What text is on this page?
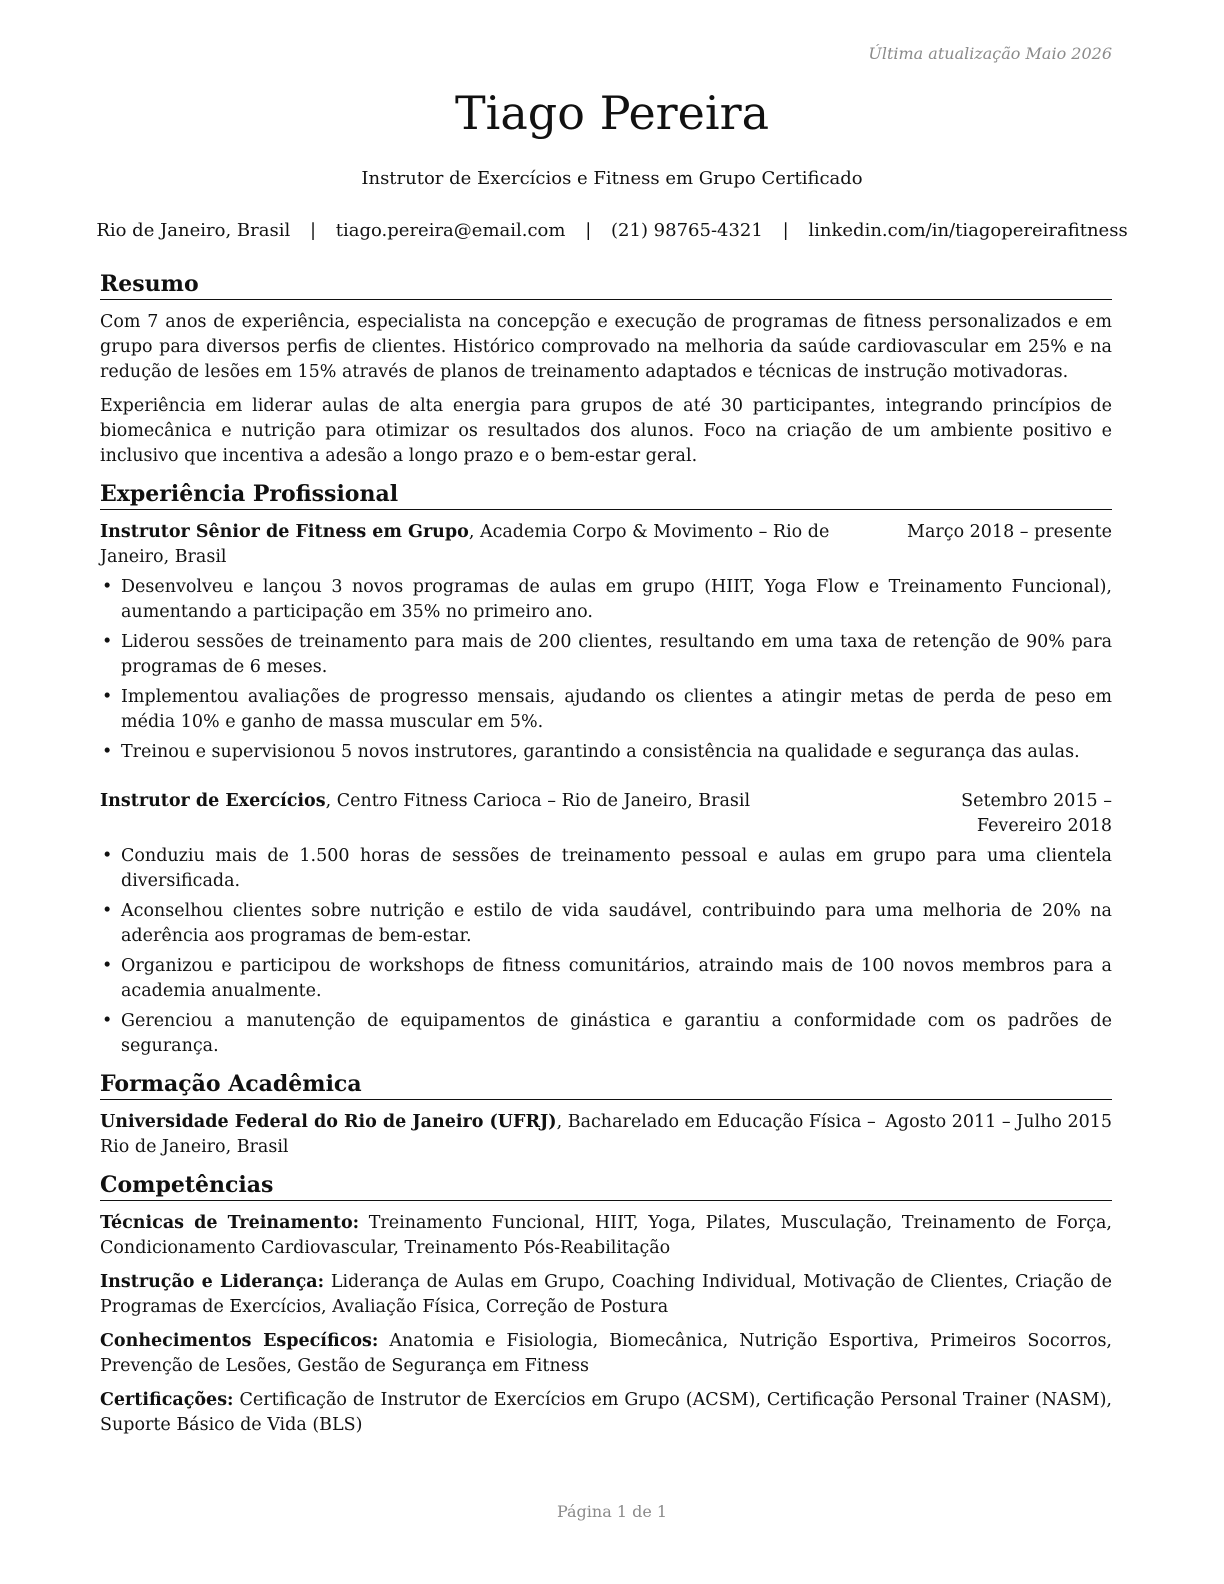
Última atualização Maio 2026
Tiago Pereira
Instrutor de Exercícios e Fitness em Grupo Certificado
Rio de Janeiro, Brasil | tiago.pereira@email.com | (21) 98765-4321 | linkedin.com/in/tiagopereirafitness
Resumo

Com 7 anos de experiência, especialista na concepção e execução de programas de fitness personalizados e em grupo para diversos perfis de clientes. Histórico comprovado na melhoria da saúde cardiovascular em 25% e na redução de lesões em 15% através de planos de treinamento adaptados e técnicas de instrução motivadoras.

Experiência em liderar aulas de alta energia para grupos de até 30 participantes, integrando princípios de biomecânica e nutrição para otimizar os resultados dos alunos. Foco na criação de um ambiente positivo e inclusivo que incentiva a adesão a longo prazo e o bem-estar geral.

Experiência Profissional
Instrutor Sênior de Fitness em Grupo, Academia Corpo & Movimento – Rio de Janeiro, Brasil
Março 2018 – presente
• Desenvolveu e lançou 3 novos programas de aulas em grupo (HIIT, Yoga Flow e Treinamento Funcional), aumentando a participação em 35% no primeiro ano.
• Liderou sessões de treinamento para mais de 200 clientes, resultando em uma taxa de retenção de 90% para programas de 6 meses.
• Implementou avaliações de progresso mensais, ajudando os clientes a atingir metas de perda de peso em média 10% e ganho de massa muscular em 5%.
• Treinou e supervisionou 5 novos instrutores, garantindo a consistência na qualidade e segurança das aulas.
Instrutor de Exercícios, Centro Fitness Carioca – Rio de Janeiro, Brasil	Setembro 2015 – Fevereiro 2018
• Conduziu mais de 1.500 horas de sessões de treinamento pessoal e aulas em grupo para uma clientela diversificada.
• Aconselhou clientes sobre nutrição e estilo de vida saudável, contribuindo para uma melhoria de 20% na aderência aos programas de bem-estar.
• Organizou e participou de workshops de fitness comunitários, atraindo mais de 100 novos membros para a academia anualmente.
• Gerenciou a manutenção de equipamentos de ginástica e garantiu a conformidade com os padrões de segurança.
Formação Acadêmica
Universidade Federal do Rio de Janeiro (UFRJ), Bacharelado em Educação Física – Rio de Janeiro, Brasil
Agosto 2011 – Julho 2015
Competências
Técnicas de Treinamento: Treinamento Funcional, HIIT, Yoga, Pilates, Musculação, Treinamento de Força, Condicionamento Cardiovascular, Treinamento Pós-Reabilitação
Instrução e Liderança: Liderança de Aulas em Grupo, Coaching Individual, Motivação de Clientes, Criação de Programas de Exercícios, Avaliação Física, Correção de Postura
Conhecimentos Específicos: Anatomia e Fisiologia, Biomecânica, Nutrição Esportiva, Primeiros Socorros, Prevenção de Lesões, Gestão de Segurança em Fitness
Certificações: Certificação de Instrutor de Exercícios em Grupo (ACSM), Certificação Personal Trainer (NASM), Suporte Básico de Vida (BLS)
Página 1 de 1
